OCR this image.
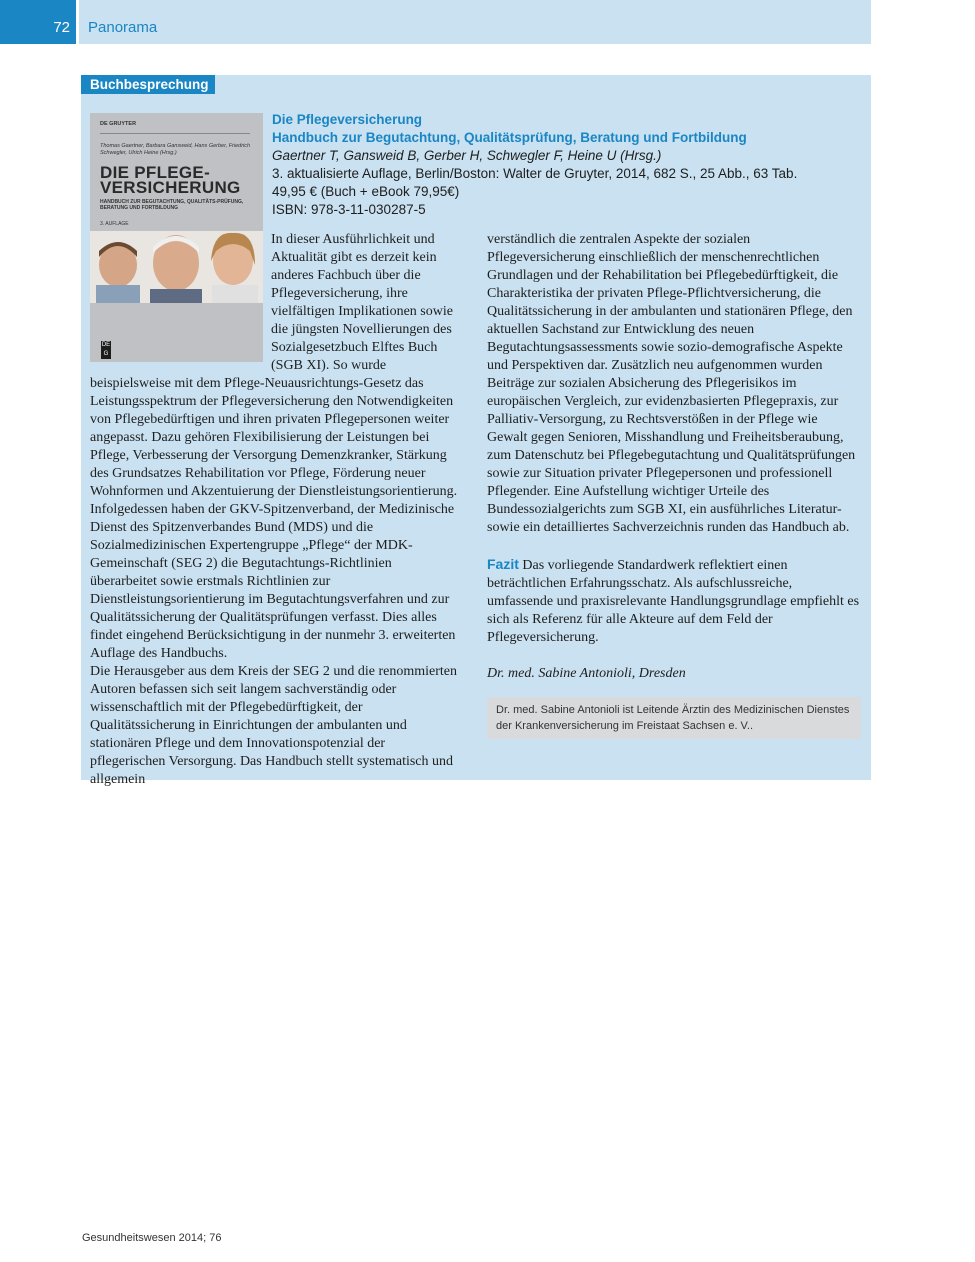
72 Panorama
Buchbesprechung
DE GRUYTER
Thomas Gaertner, Barbara Gansweid, Hans Gerber, Friedrich Schwegler, Ulrich Heine (Hrsg.)
DIE PFLEGE-
VERSICHERUNG
HANDBUCH ZUR BEGUTACHTUNG, QUALITÄTS-PRÜFUNG, BERATUNG UND FORTBILDUNG
3. AUFLAGE
DE G
Die Pflegeversicherung
Handbuch zur Begutachtung, Qualitätsprüfung, Beratung und Fortbildung
Gaertner T, Gansweid B, Gerber H, Schwegler F, Heine U (Hrsg.)
3. aktualisierte Auflage, Berlin/Boston: Walter de Gruyter, 2014, 682 S., 25 Abb., 63 Tab.
49,95 € (Buch + eBook 79,95€)
ISBN: 978-3-11-030287-5

In dieser Ausführlichkeit und Aktualität gibt es derzeit kein anderes Fachbuch über die Pflegeversicherung, ihre vielfältigen Implikationen sowie die jüngsten Novellierungen des Sozialgesetzbuch Elftes Buch (SGB XI). So wurde beispielsweise mit dem Pflege-Neuausrichtungs-Gesetz das Leistungsspektrum der Pflegeversicherung den Notwendigkeiten von Pflegebedürftigen und ihren privaten Pflegepersonen weiter angepasst. Dazu gehören Flexibilisierung der Leistungen bei Pflege, Verbesserung der Versorgung Demenzkranker, Stärkung des Grundsatzes Rehabilitation vor Pflege, Förderung neuer Wohnformen und Akzentuierung der Dienstleistungsorientierung. Infolgedessen haben der GKV-Spitzenverband, der Medizinische Dienst des Spitzenverbandes Bund (MDS) und die Sozialmedizinischen Expertengruppe „Pflege“ der MDK-Gemeinschaft (SEG 2) die Begutachtungs-Richtlinien überarbeitet sowie erstmals Richtlinien zur Dienstleistungsorientierung im Begutachtungsverfahren und zur Qualitätssicherung der Qualitätsprüfungen verfasst. Dies alles findet eingehend Berücksichtigung in der nunmehr 3. erweiterten Auflage des Handbuchs.

Die Herausgeber aus dem Kreis der SEG 2 und die renommierten Autoren befassen sich seit langem sachverständig oder wissenschaftlich mit der Pflegebedürftigkeit, der Qualitätssicherung in Einrichtungen der ambulanten und stationären Pflege und dem Innovationspotenzial der pflegerischen Versorgung. Das Handbuch stellt systematisch und allgemein

verständlich die zentralen Aspekte der sozialen Pflegeversicherung einschließlich der menschenrechtlichen Grundlagen und der Rehabilitation bei Pflegebedürftigkeit, die Charakteristika der privaten Pflege-Pflichtversicherung, die Qualitätssicherung in der ambulanten und stationären Pflege, den aktuellen Sachstand zur Entwicklung des neuen Begutachtungsassessments sowie sozio-demografische Aspekte und Perspektiven dar. Zusätzlich neu aufgenommen wurden Beiträge zur sozialen Absicherung des Pflegerisikos im europäischen Vergleich, zur evidenzbasierten Pflegepraxis, zur Palliativ-Versorgung, zu Rechtsverstößen in der Pflege wie Gewalt gegen Senioren, Misshandlung und Freiheitsberaubung, zum Datenschutz bei Pflegebegutachtung und Qualitätsprüfungen sowie zur Situation privater Pflegepersonen und professionell Pflegender. Eine Aufstellung wichtiger Urteile des Bundessozialgerichts zum SGB XI, ein ausführliches Literatur- sowie ein detailliertes Sachverzeichnis runden das Handbuch ab.

Fazit Das vorliegende Standardwerk reflektiert einen beträchtlichen Erfahrungsschatz. Als aufschlussreiche, umfassende und praxisrelevante Handlungsgrundlage empfiehlt es sich als Referenz für alle Akteure auf dem Feld der Pflegeversicherung.

Dr. med. Sabine Antonioli, Dresden

Dr. med. Sabine Antonioli ist Leitende Ärztin des Medizinischen Dienstes der Krankenversicherung im Freistaat Sachsen e. V..
Gesundheitswesen 2014; 76
